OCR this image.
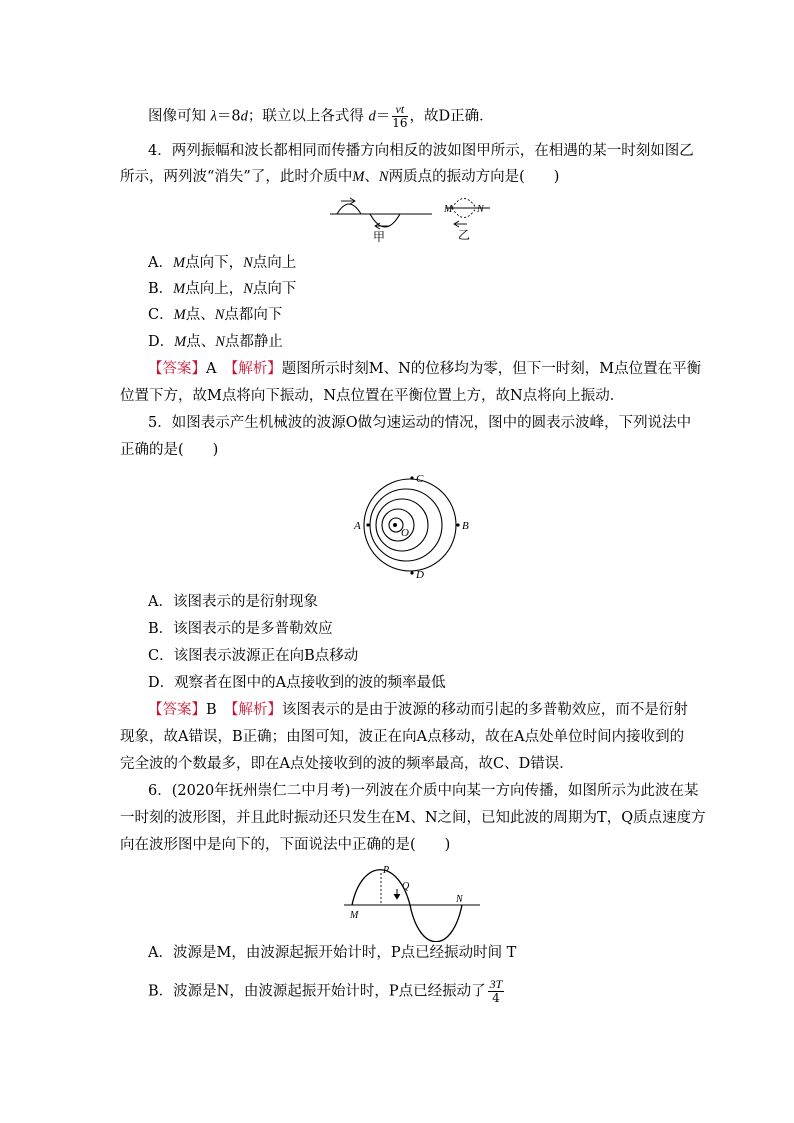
图像可知 λ＝8d；联立以上各式得 $d= \frac{vt}{16}$ ，故D正确．
4．两列振幅和波长都相同而传播方向相反的波如图甲所示，在相遇的某一时刻如图乙
所示，两列波“消失”了，此时介质中M、N两质点的振动方向是(　　)
甲
M N
乙
A．M点向下，N点向上
B．M点向上，N点向下
C．M点、N点都向下
D．M点、N点都静止
【答案】A　 【解析】题图所示时刻M、N的位移均为零，但下一时刻，M点位置在平衡
位置下方，故M点将向下振动，N点位置在平衡位置上方，故N点将向上振动．
5．如图表示产生机械波的波源O做匀速运动的情况，图中的圆表示波峰，下列说法中
正确的是(　　)
C
D
A	B
O
A．该图表示的是衍射现象
B．该图表示的是多普勒效应
C．该图表示波源正在向B点移动
D．观察者在图中的A点接收到的波的频率最低
【答案】B　 【解析】该图表示的是由于波源的移动而引起的多普勒效应，而不是衍射
现象，故A错误，B正确；由图可知，波正在向A点移动，故在A点处单位时间内接收到的
完全波的个数最多，即在A点处接收到的波的频率最高，故C、D错误．
6．(2020年抚州崇仁二中月考)一列波在介质中向某一方向传播，如图所示为此波在某
一时刻的波形图，并且此时振动还只发生在M、N之间，已知此波的周期为T，Q质点速度方
向在波形图中是向下的，下面说法中正确的是(　　)
P
Q
M
N
A．波源是M，由波源起振开始计时，P点已经振动时间 T
B．波源是N，由波源起振开始计时，P点已经振动了 $\frac{3T}{4}$
